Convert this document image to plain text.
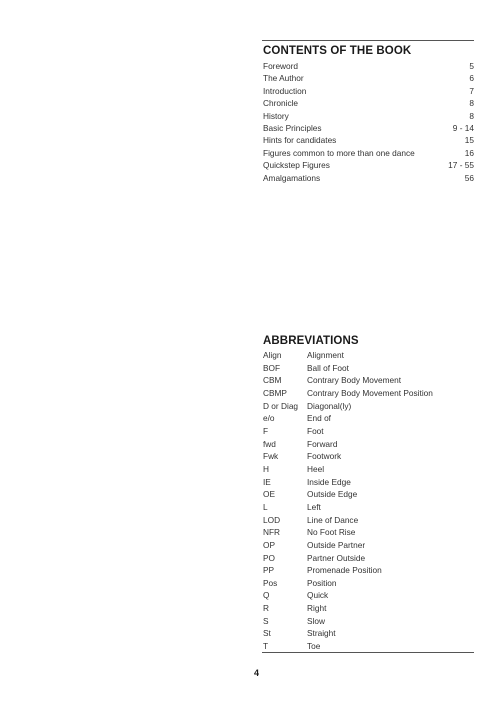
CONTENTS OF THE BOOK
Foreword	5
The Author	6
Introduction	7
Chronicle	8
History	8
Basic Principles	9 - 14
Hints for candidates	15
Figures common to more than one dance	16
Quickstep Figures	17 - 55
Amalgamations	56
ABBREVIATIONS
Align	Alignment
BOF	Ball of Foot
CBM	Contrary Body Movement
CBMP	Contrary Body Movement Position
D or Diag	Diagonal(ly)
e/o	End of
F	Foot
fwd	Forward
Fwk	Footwork
H	Heel
IE	Inside Edge
OE	Outside Edge
L	Left
LOD	Line of Dance
NFR	No Foot Rise
OP	Outside Partner
PO	Partner Outside
PP	Promenade Position
Pos	Position
Q	Quick
R	Right
S	Slow
St	Straight
T	Toe
4
